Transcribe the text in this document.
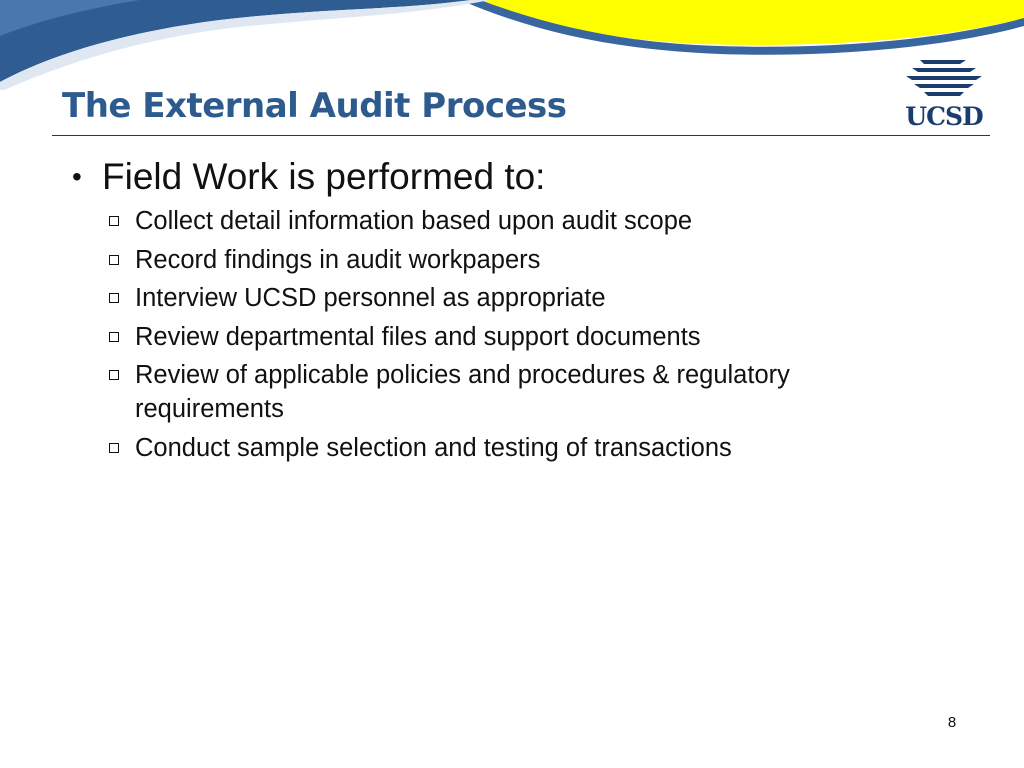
The External Audit Process	UCSD
• Field Work is performed to:
Collect detail information based upon audit scope
Record findings in audit workpapers
Interview UCSD personnel as appropriate
Review departmental files and support documents
Review of applicable policies and procedures & regulatory requirements
Conduct sample selection and testing of transactions
8
